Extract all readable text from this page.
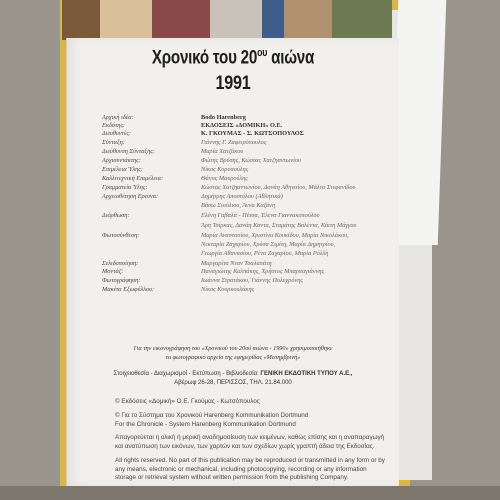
Χρονικό του $20^{o\upsilon}$ αιώνα
1991
Αρχική ιδέα:	Bodo Harenberg
Εκδότης:	ΕΚΔΟΣΕΙΣ «ΔΟΜΙΚΗ» Ο.Ε.
Διευθυντές:	Κ. ΓΚΟΥΜΑΣ - Σ. ΚΩΤΣΟΠΟΥΛΟΣ
Σύνταξη:	Γιάννης Γ. Ζαφειρόπουλος
Διεύθυνση Σύνταξης:	Μαρία Χατζάκου
Αρχισυντάκτης:	Φώτης Βρύσης, Κώστας Χατζηαντωνίου
Επιμέλεια Ύλης:	Νίκος Κοροπούλης
Καλλιτεχνική Επιμέλεια:	Θάνος Μαυρούλης
Γραμματεία Ύλης:	Κώστας Χατζηαντωνίου, Δανάη Αθηναίου, Μάλτα Στεφανίδου
Αρχειοθέτηση Ερευνα:	Δημήτρης Αποστόλου (Αθλητικά)
Βάσω Σιούλιου, Άννα Καζάνη
Διόρθωση:	Ελένη Γαβαλά - Πέτσα, Έλενα Γιαννακοπούλου
Άρη Τσίρκας, Δανάη Καντα, Σταμάτης Βαλέντα, Κάιτη Μάγγου
Φωτοσύνθεση:	Μαρία Αναστασίου, Χριστίνα Κουκίδου, Μαρία Νικολάκου,
Νεκταρία Ζαχαρίου, Χρύσα Σιμίτη, Μαρία Δημητρίου,
Γεωργία Αθανασίου, Ρένα Ζαχαρίου, Μαρία Ρόλλη
Σελιδοποίηση:	Μαργαρίτα Νταν Τσαλαπάτη
Μοντάζ:	Παναγιώτης Καλπάκης, Χρήστος Μπαρπαγιάννης
Φωτογράφηση:	Ιωάννα Στρατάκου, Γιάννης Πολυχρόνης
Μακέτα Εξωφύλλου:	Νίκος Κουρκουλάκης
Για την εικονογράφηση του «Χρονικού του 20ού αιώνα - 1990» χρησιμοποιήθηκε
το φωτογραφικό αρχείο της εφημερίδας «Μεσημβρινή»
Στοιχειοθεσία - Διαχωρισμοί - Εκτύπωση - Βιβλιοδεσία: ΓΕΝΙΚΗ ΕΚΔΟΤΙΚΗ ΤΥΠΟΥ Α.Ε.,
Αβέρωφ 26-28, ΠΕΡΙΣΣΟΣ, ΤΗΛ. 21.84.000
© Εκδόσεις «Δομική» Ο.Ε. Γκούμας - Κωτσόπουλος
© Για το Σύστημα του Χρονικού Harenberg Kommunikation Dortmund
For the Chronicle - System Harenberg Kommunikation Dortmund
Απαγορεύεται η ολική ή μερική αναδημοσίευση των κειμένων, καθώς επίσης και η αναπαραγωγή και ανατύπωση των εικόνων, των χαρτών και των σχεδίων χωρίς γραπτή άδεια της Εκδοσίας.
All rights reserved. No part of this publication may be reproduced or transmitted in any form or by any means, electronic or mechanical, including photocopying, recording or any information storage or retrieval system without written permission from the publishing Company.
